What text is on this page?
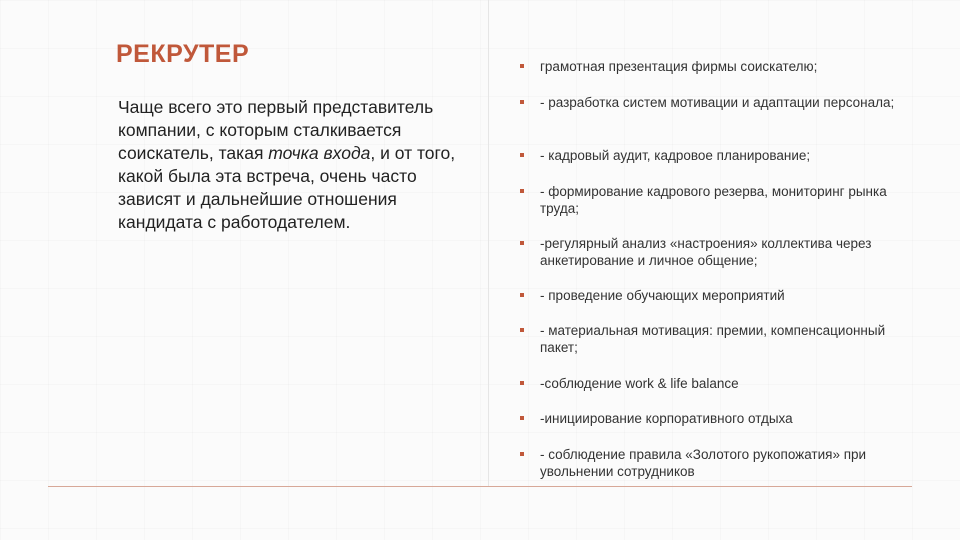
РЕКРУТЕР
Чаще всего это первый представитель компании, с которым сталкивается соискатель, такая точка входа, и от того, какой была эта встреча, очень часто зависят и дальнейшие отношения кандидата с работодателем.
грамотная презентация фирмы соискателю;
- разработка систем мотивации и адаптации персонала;
- кадровый аудит, кадровое планирование;
- формирование кадрового резерва, мониторинг рынка труда;
-регулярный анализ «настроения» коллектива через анкетирование и личное общение;
- проведение обучающих мероприятий
- материальная мотивация: премии, компенсационный пакет;
-соблюдение work & life balance
-инициирование корпоративного отдыха
- соблюдение правила «Золотого рукопожатия» при увольнении сотрудников
